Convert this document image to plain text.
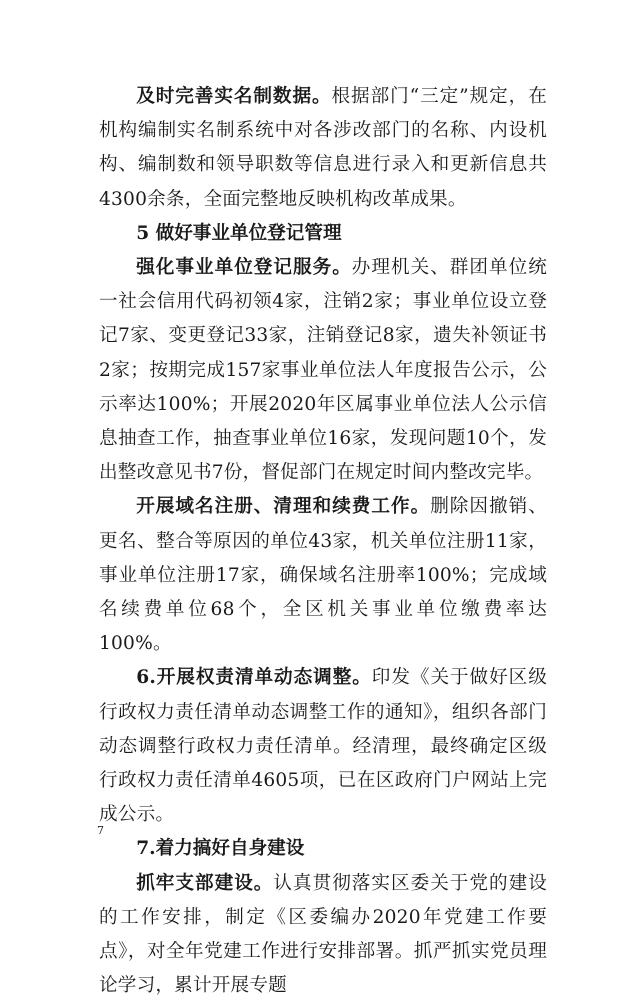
及时完善实名制数据。根据部门“三定”规定，在机构编制实名制系统中对各涉改部门的名称、内设机构、编制数和领导职数等信息进行录入和更新信息共4300余条，全面完整地反映机构改革成果。

5 做好事业单位登记管理

强化事业单位登记服务。办理机关、群团单位统一社会信用代码初领4家，注销2家；事业单位设立登记7家、变更登记33家，注销登记8家，遗失补领证书2家；按期完成157家事业单位法人年度报告公示，公示率达100%；开展2020年区属事业单位法人公示信息抽查工作，抽查事业单位16家，发现问题10个，发出整改意见书7份，督促部门在规定时间内整改完毕。

开展域名注册、清理和续费工作。删除因撤销、更名、整合等原因的单位43家，机关单位注册11家，事业单位注册17家，确保域名注册率100%；完成域名续费单位68个，全区机关事业单位缴费率达100%。

6.开展权责清单动态调整。印发《关于做好区级行政权力责任清单动态调整工作的通知》，组织各部门动态调整行政权力责任清单。经清理，最终确定区级行政权力责任清单4605项，已在区政府门户网站上完成公示。

7.着力搞好自身建设

抓牢支部建设。认真贯彻落实区委关于党的建设的工作安排，制定《区委编办2020年党建工作要点》，对全年党建工作进行安排部署。抓严抓实党员理论学习，累计开展专题

7
